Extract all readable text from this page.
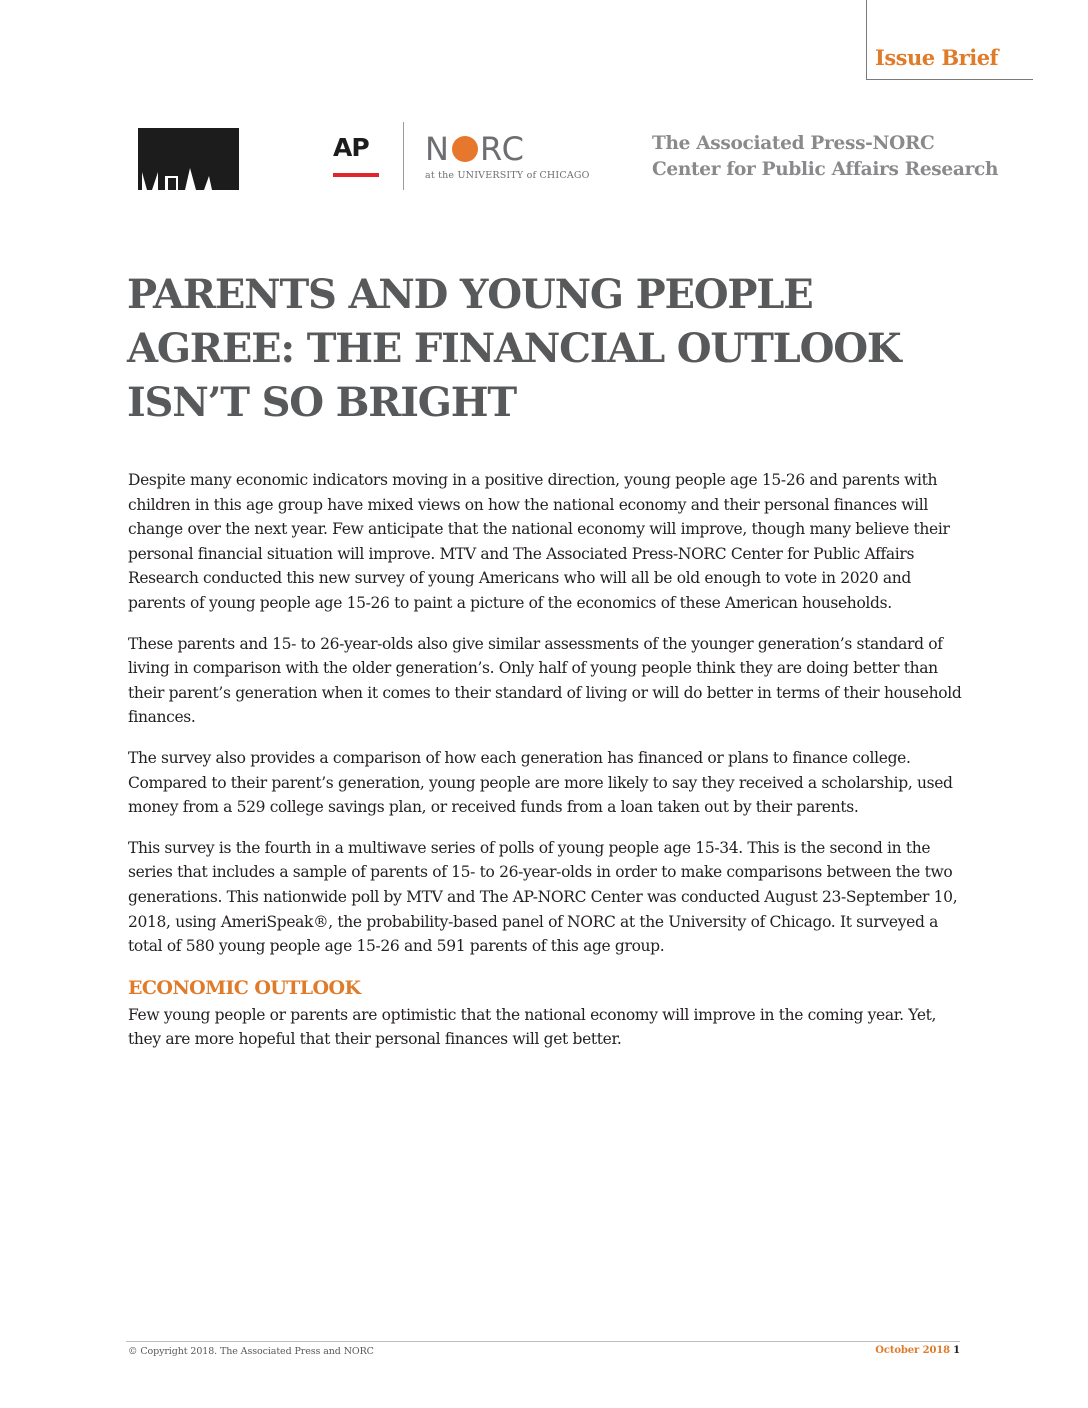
Issue Brief
AP	N RC
at the UNIVERSITY of CHICAGO
The Associated Press-NORC
Center for Public Affairs Research
PARENTS AND YOUNG PEOPLE
AGREE: THE FINANCIAL OUTLOOK
ISN’T SO BRIGHT

Despite many economic indicators moving in a positive direction, young people age 15-26 and parents with children in this age group have mixed views on how the national economy and their personal finances will change over the next year. Few anticipate that the national economy will improve, though many believe their personal financial situation will improve. MTV and The Associated Press-NORC Center for Public Affairs Research conducted this new survey of young Americans who will all be old enough to vote in 2020 and parents of young people age 15-26 to paint a picture of the economics of these American households.

These parents and 15- to 26-year-olds also give similar assessments of the younger generation’s standard of living in comparison with the older generation’s. Only half of young people think they are doing better than their parent’s generation when it comes to their standard of living or will do better in terms of their household finances.

The survey also provides a comparison of how each generation has financed or plans to finance college. Compared to their parent’s generation, young people are more likely to say they received a scholarship, used money from a 529 college savings plan, or received funds from a loan taken out by their parents.

This survey is the fourth in a multiwave series of polls of young people age 15-34. This is the second in the series that includes a sample of parents of 15- to 26-year-olds in order to make comparisons between the two generations. This nationwide poll by MTV and The AP-NORC Center was conducted August 23-September 10, 2018, using AmeriSpeak®, the probability-based panel of NORC at the University of Chicago. It surveyed a total of 580 young people age 15-26 and 591 parents of this age group.

ECONOMIC OUTLOOK

Few young people or parents are optimistic that the national economy will improve in the coming year. Yet, they are more hopeful that their personal finances will get better.

© Copyright 2018. The Associated Press and NORC	October 2018 1
